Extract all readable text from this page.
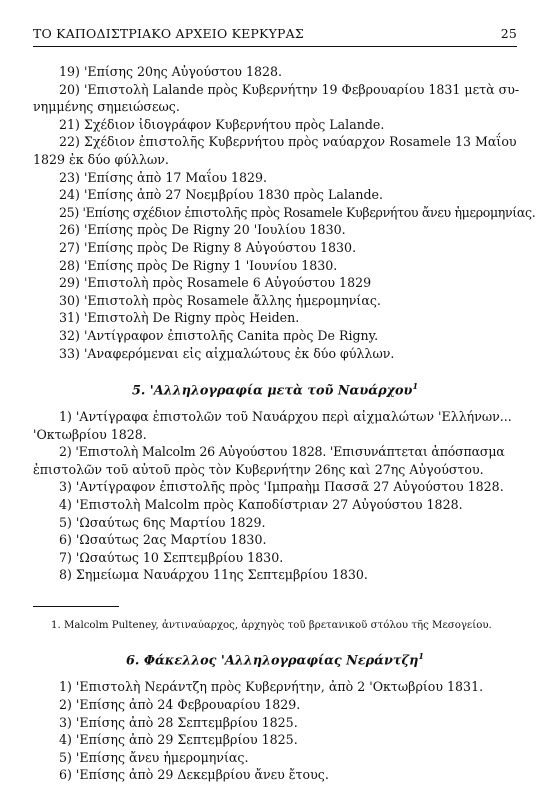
ΤΟ ΚΑΠΟΔΙΣΤΡΙΑΚΟ ΑΡΧΕΙΟ ΚΕΡΚΥΡΑΣ	25

19) 'Επίσης 20ης Αὐγούστου 1828.

20) 'Επιστολὴ Lalande πρὸς Κυβερνήτην 19 Φεβρουαρίου 1831 μετὰ συ-

νημμένης σημειώσεως.

21) Σχέδιον ἰδιογράφον Κυβερνήτου πρὸς Lalande.

22) Σχέδιον ἐπιστολῆς Κυβερνήτου πρὸς ναύαρχον Rosamele 13 Μαΐου

1829 ἐκ δύο φύλλων.

23) 'Επίσης ἀπὸ 17 Μαΐου 1829.

24) 'Επίσης ἀπὸ 27 Νοεμβρίου 1830 πρὸς Lalande.

25) 'Επίσης σχέδιον ἐπιστολῆς πρὸς Rosamele Κυβερνήτου ἄνευ ἡμερομηνίας.

26) 'Επίσης πρὸς De Rigny 20 'Ιουλίου 1830.

27) 'Επίσης πρὸς De Rigny 8 Αὐγούστου 1830.

28) 'Επίσης πρὸς De Rigny 1 'Ιουνίου 1830.

29) 'Επιστολὴ πρὸς Rosamele 6 Αὐγούστου 1829

30) 'Επιστολὴ πρὸς Rosamele ἄλλης ἡμερομηνίας.

31) 'Επιστολὴ De Rigny πρὸς Heiden.

32) 'Αντίγραφον ἐπιστολῆς Canita πρὸς De Rigny.

33) 'Αναφερόμεναι εἰς αἰχμαλώτους ἐκ δύο φύλλων.

5. 'Αλληλογραφία μετὰ τοῦ Ναυάρχου$^1$

1) 'Αντίγραφα ἐπιστολῶν τοῦ Ναυάρχου περὶ αἰχμαλώτων 'Ελλήνων...

'Οκτωβρίου 1828.

2) 'Επιστολὴ Malcolm 26 Αὐγούστου 1828. 'Επισυνάπτεται ἀπόσπασμα

ἐπιστολῶν τοῦ αὐτοῦ πρὸς τὸν Κυβερνήτην 26ης καὶ 27ης Αὐγούστου.

3) 'Αντίγραφον ἐπιστολῆς πρὸς 'Ιμπραὴμ Πασσᾶ 27 Αὐγούστου 1828.

4) 'Επιστολὴ Malcolm πρὸς Καποδίστριαν 27 Αὐγούστου 1828.

5) 'Ωσαύτως 6ης Μαρτίου 1829.

6) 'Ωσαύτως 2ας Μαρτίου 1830.

7) 'Ωσαύτως 10 Σεπτεμβρίου 1830.

8) Σημείωμα Ναυάρχου 11ης Σεπτεμβρίου 1830.

1. Malcolm Pulteney, ἀντιναύαρχος, ἀρχηγὸς τοῦ βρετανικοῦ στόλου τῆς Μεσογείου.

6. Φάκελλος 'Αλληλογραφίας Νεράντζη$^1$

1) 'Επιστολὴ Νεράντζη πρὸς Κυβερνήτην, ἀπὸ 2 'Οκτωβρίου 1831.

2) 'Επίσης ἀπὸ 24 Φεβρουαρίου 1829.

3) 'Επίσης ἀπὸ 28 Σεπτεμβρίου 1825.

4) 'Επίσης ἀπὸ 29 Σεπτεμβρίου 1825.

5) 'Επίσης ἄνευ ἡμερομηνίας.

6) 'Επίσης ἀπὸ 29 Δεκεμβρίου ἄνευ ἔτους.
